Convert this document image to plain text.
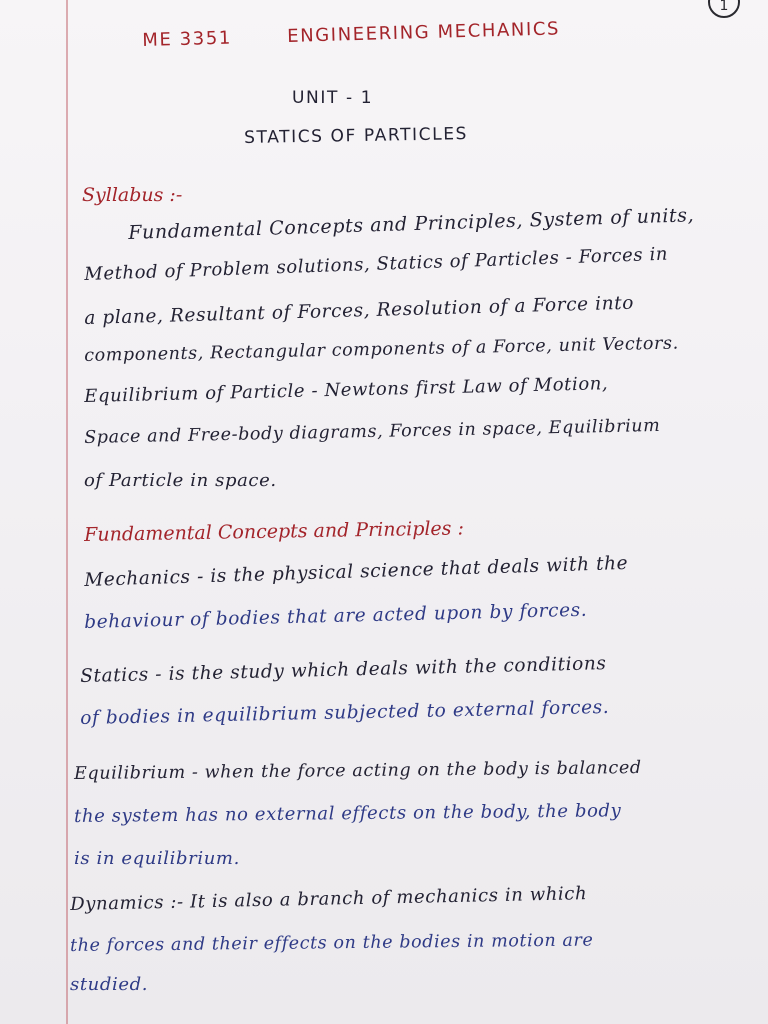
1
ME 3351	ENGINEERING MECHANICS
UNIT - 1
STATICS OF PARTICLES
Syllabus :-
Fundamental Concepts and Principles, System of units,
Method of Problem solutions, Statics of Particles - Forces in
a plane, Resultant of Forces, Resolution of a Force into
components, Rectangular components of a Force, unit Vectors.
Equilibrium of Particle - Newtons first Law of Motion,
Space and Free-body diagrams, Forces in space, Equilibrium
of Particle in space.
Fundamental Concepts and Principles :
Mechanics - is the physical science that deals with the
behaviour of bodies that are acted upon by forces.
Statics - is the study which deals with the conditions
of bodies in equilibrium subjected to external forces.
Equilibrium - when the force acting on the body is balanced
the system has no external effects on the body, the body
is in equilibrium.
Dynamics :- It is also a branch of mechanics in which
the forces and their effects on the bodies in motion are
studied.
